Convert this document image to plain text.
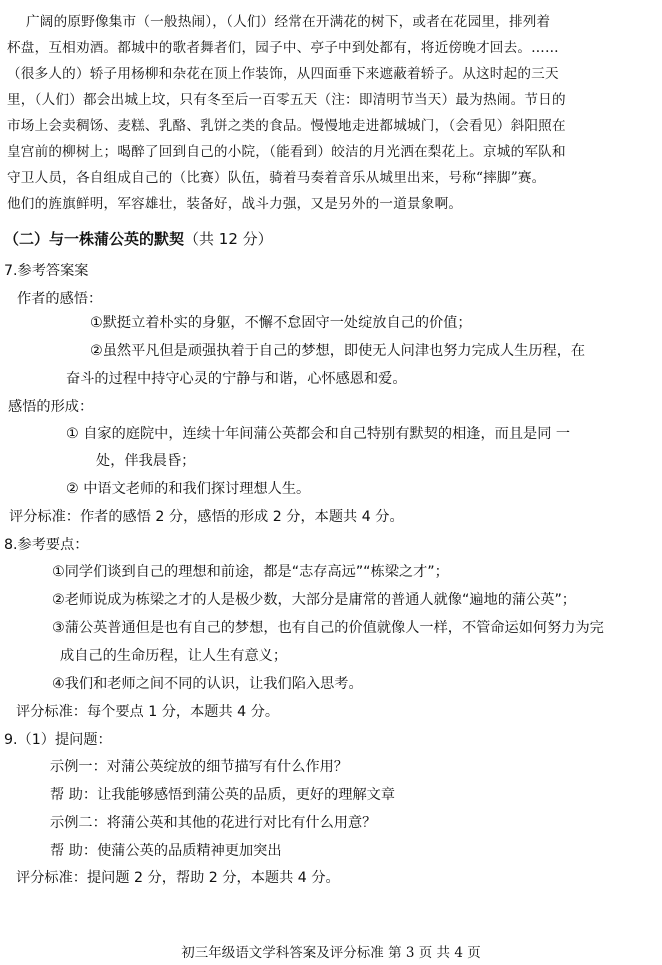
广阔的原野像集市（一般热闹），（人们）经常在开满花的树下，或者在花园里，排列着
杯盘，互相劝酒。都城中的歌者舞者们，园子中、亭子中到处都有，将近傍晚才回去。……
（很多人的）轿子用杨柳和杂花在顶上作装饰，从四面垂下来遮蔽着轿子。从这时起的三天
里，（人们）都会出城上坟，只有冬至后一百零五天（注：即清明节当天）最为热闹。节日的
市场上会卖稠饧、麦糕、乳酪、乳饼之类的食品。慢慢地走进都城城门，（会看见）斜阳照在
皇宫前的柳树上；喝醉了回到自己的小院，（能看到）皎洁的月光洒在梨花上。京城的军队和
守卫人员，各自组成自己的（比赛）队伍，骑着马奏着音乐从城里出来，号称“摔脚”赛。
他们的旌旗鲜明，军容雄壮，装备好，战斗力强，又是另外的一道景象啊。
（二）与一株蒲公英的默契（共 12 分）
7.参考答案案
作者的感悟：
①默挺立着朴实的身躯，不懈不怠固守一处绽放自己的价值；
②虽然平凡但是顽强执着于自己的梦想，即使无人问津也努力完成人生历程，在
奋斗的过程中持守心灵的宁静与和谐，心怀感恩和爱。
感悟的形成：
① 自家的庭院中，连续十年间蒲公英都会和自己特别有默契的相逢，而且是同 一
处，伴我晨昏；
② 中语文老师的和我们探讨理想人生。
评分标准：作者的感悟 2 分，感悟的形成 2 分，本题共 4 分。
8.参考要点：
①同学们谈到自己的理想和前途，都是“志存高远”“栋梁之才”；
②老师说成为栋梁之才的人是极少数，大部分是庸常的普通人就像“遍地的蒲公英”；
③蒲公英普通但是也有自己的梦想，也有自己的价值就像人一样，不管命运如何努力为完
成自己的生命历程，让人生有意义；
④我们和老师之间不同的认识，让我们陷入思考。
评分标准：每个要点 1 分，本题共 4 分。
9.（1）提问题：
示例一：对蒲公英绽放的细节描写有什么作用？
帮 助：让我能够感悟到蒲公英的品质，更好的理解文章
示例二：将蒲公英和其他的花进行对比有什么用意？
帮 助：使蒲公英的品质精神更加突出
评分标准：提问题 2 分，帮助 2 分，本题共 4 分。
初三年级语文学科答案及评分标准 第 3 页 共 4 页
